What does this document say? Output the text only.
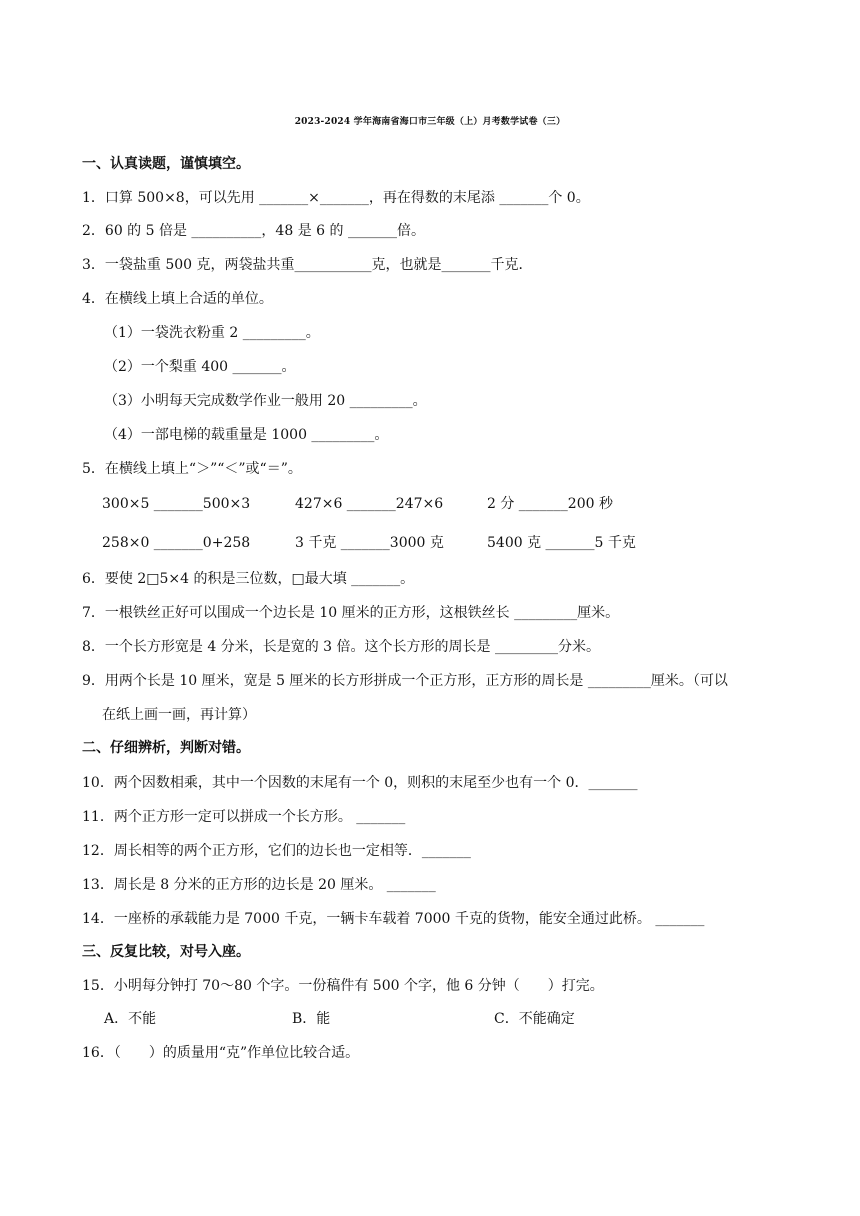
2023-2024 学年海南省海口市三年级（上）月考数学试卷（三）
一、认真读题，谨慎填空。
1．口算 500×8，可以先用 _______×_______，再在得数的末尾添 _______个 0。
2．60 的 5 倍是 __________，48 是 6 的 _______倍。
3．一袋盐重 500 克，两袋盐共重___________克，也就是_______千克．
4．在横线上填上合适的单位。
（1）一袋洗衣粉重 2 _________。
（2）一个梨重 400 _______。
（3）小明每天完成数学作业一般用 20 _________。
（4）一部电梯的载重量是 1000 _________。
5．在横线上填上“＞”“＜”或“＝”。
300×5 _______500×3	427×6 _______247×6	2 分 _______200 秒
258×0 _______0+258	3 千克 _______3000 克	5400 克 _______5 千克
6．要使 2□5×4 的积是三位数，□最大填 _______。
7．一根铁丝正好可以围成一个边长是 10 厘米的正方形，这根铁丝长 _________厘米。
8．一个长方形宽是 4 分米，长是宽的 3 倍。这个长方形的周长是 _________分米。
9．用两个长是 10 厘米，宽是 5 厘米的长方形拼成一个正方形，正方形的周长是 _________厘米。（可以
在纸上画一画，再计算）
二、仔细辨析，判断对错。
10．两个因数相乘，其中一个因数的末尾有一个 0，则积的末尾至少也有一个 0．_______
11．两个正方形一定可以拼成一个长方形。 _______
12．周长相等的两个正方形，它们的边长也一定相等．_______
13．周长是 8 分米的正方形的边长是 20 厘米。 _______
14．一座桥的承载能力是 7000 千克，一辆卡车载着 7000 千克的货物，能安全通过此桥。 _______
三、反复比较，对号入座。
15．小明每分钟打 70～80 个字。一份稿件有 500 个字，他 6 分钟（　　）打完。
A．不能	B．能	C．不能确定
16．（　　）的质量用“克”作单位比较合适。
